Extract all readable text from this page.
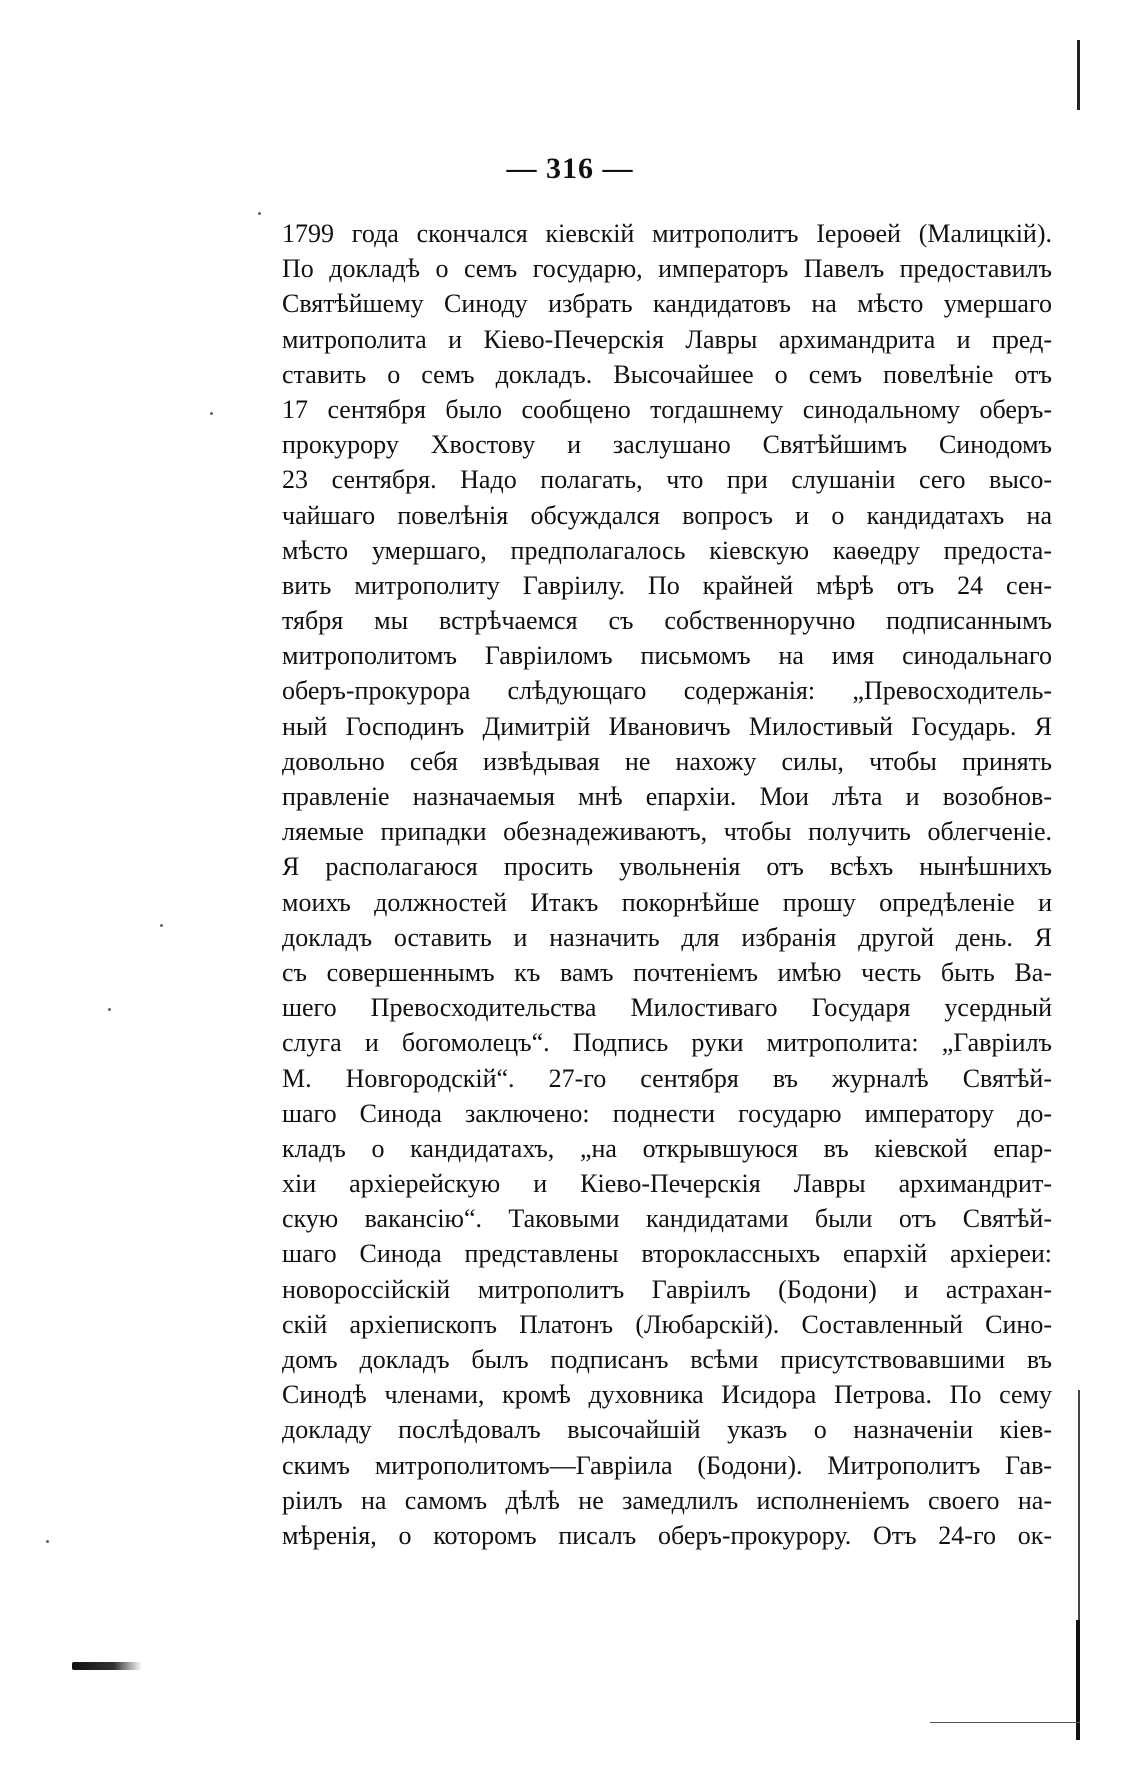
— 316 —
1799 года скончался кіевскій митрополитъ Іероѳей (Малицкій).
По докладѣ о семъ государю, императоръ Павелъ предоставилъ
Святѣйшему Синоду избрать кандидатовъ на мѣсто умершаго
митрополита и Кіево-Печерскія Лавры архимандрита и пред-
ставить о семъ докладъ. Высочайшее о семъ повелѣніе отъ
17 сентября было сообщено тогдашнему синодальному оберъ-
прокурору Хвостову и заслушано Святѣйшимъ Синодомъ
23 сентября. Надо полагать, что при слушаніи сего высо-
чайшаго повелѣнія обсуждался вопросъ и о кандидатахъ на
мѣсто умершаго, предполагалось кіевскую каѳедру предоста-
вить митрополиту Гавріилу. По крайней мѣрѣ отъ 24 сен-
тября мы встрѣчаемся съ собственноручно подписаннымъ
митрополитомъ Гавріиломъ письмомъ на имя синодальнаго
оберъ-прокурора слѣдующаго содержанія: „Превосходитель-
ный Господинъ Димитрій Ивановичъ Милостивый Государь. Я
довольно себя извѣдывая не нахожу силы, чтобы принять
правленіе назначаемыя мнѣ епархіи. Мои лѣта и возобнов-
ляемые припадки обезнадеживаютъ, чтобы получить облегченіе.
Я располагаюся просить увольненія отъ всѣхъ нынѣшнихъ
моихъ должностей Итакъ покорнѣйше прошу опредѣленіе и
докладъ оставить и назначить для избранія другой день. Я
съ совершеннымъ къ вамъ почтеніемъ имѣю честь быть Ва-
шего Превосходительства Милостиваго Государя усердный
слуга и богомолецъ“. Подпись руки митрополита: „Гавріилъ
М. Новгородскій“. 27-го сентября въ журналѣ Святѣй-
шаго Синода заключено: поднести государю императору до-
кладъ о кандидатахъ, „на открывшуюся въ кіевской епар-
хіи архіерейскую и Кіево-Печерскія Лавры архимандрит-
скую вакансію“. Таковыми кандидатами были отъ Святѣй-
шаго Синода представлены второклассныхъ епархій архіереи:
новороссійскій митрополитъ Гавріилъ (Бодони) и астрахан-
скій архіепископъ Платонъ (Любарскій). Составленный Сино-
домъ докладъ былъ подписанъ всѣми присутствовавшими въ
Синодѣ членами, кромѣ духовника Исидора Петрова. По сему
докладу послѣдовалъ высочайшій указъ о назначеніи кіев-
скимъ митрополитомъ—Гавріила (Бодони). Митрополитъ Гав-
ріилъ на самомъ дѣлѣ не замедлилъ исполненіемъ своего на-
мѣренія, о которомъ писалъ оберъ-прокурору. Отъ 24-го ок-
